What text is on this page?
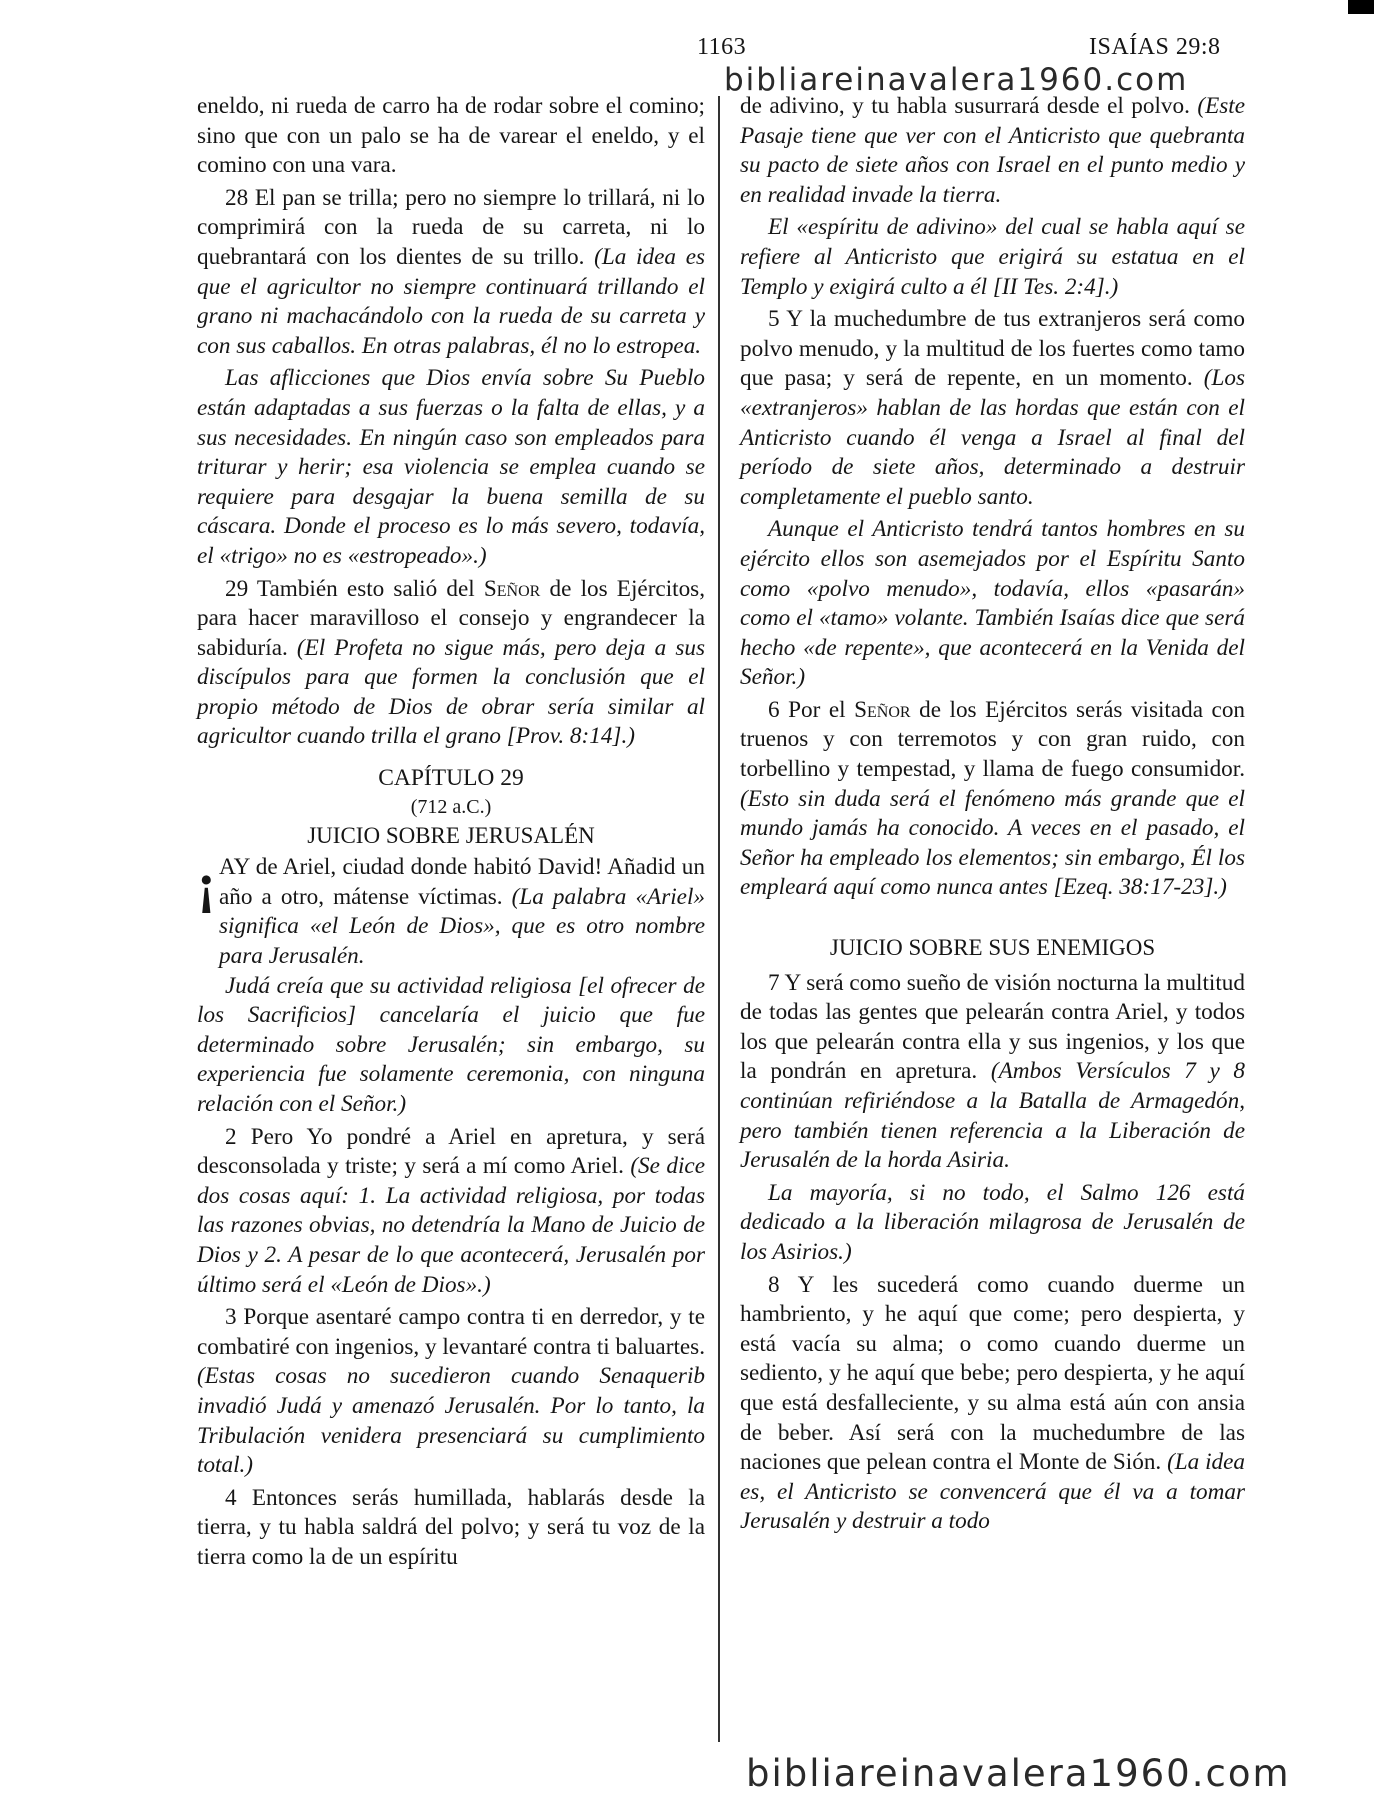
1163	ISAÍAS 29:8
bibliareinavalera1960.com

eneldo, ni rueda de carro ha de rodar sobre el comino; sino que con un palo se ha de varear el eneldo, y el comino con una vara.

28 El pan se trilla; pero no siempre lo trillará, ni lo comprimirá con la rueda de su carreta, ni lo quebrantará con los dientes de su trillo. (La idea es que el agricultor no siempre continuará trillando el grano ni machacándolo con la rueda de su carreta y con sus caballos. En otras palabras, él no lo estropea.

Las aflicciones que Dios envía sobre Su Pueblo están adaptadas a sus fuerzas o la falta de ellas, y a sus necesidades. En ningún caso son empleados para triturar y herir; esa violencia se emplea cuando se requiere para desgajar la buena semilla de su cáscara. Donde el proceso es lo más severo, todavía, el «trigo» no es «estropeado».)

29 También esto salió del Señor de los Ejércitos, para hacer maravilloso el consejo y engrandecer la sabiduría. (El Profeta no sigue más, pero deja a sus discípulos para que formen la conclusión que el propio método de Dios de obrar sería similar al agricultor cuando trilla el grano [Prov. 8:14].)

CAPÍTULO 29

(712 a.C.)

JUICIO SOBRE JERUSALÉN

¡ AY de Ariel, ciudad donde habitó David! Añadid un año a otro, mátense víctimas. (La palabra «Ariel» significa «el León de Dios», que es otro nombre para Jerusalén.

Judá creía que su actividad religiosa [el ofrecer de los Sacrificios] cancelaría el juicio que fue determinado sobre Jerusalén; sin embargo, su experiencia fue solamente ceremonia, con ninguna relación con el Señor.)

2 Pero Yo pondré a Ariel en apretura, y será desconsolada y triste; y será a mí como Ariel. (Se dice dos cosas aquí: 1. La actividad religiosa, por todas las razones obvias, no detendría la Mano de Juicio de Dios y 2. A pesar de lo que acontecerá, Jerusalén por último será el «León de Dios».)

3 Porque asentaré campo contra ti en derredor, y te combatiré con ingenios, y levantaré contra ti baluartes. (Estas cosas no sucedieron cuando Senaquerib invadió Judá y amenazó Jerusalén. Por lo tanto, la Tribulación venidera presenciará su cumplimiento total.)

4 Entonces serás humillada, hablarás desde la tierra, y tu habla saldrá del polvo; y será tu voz de la tierra como la de un espíritu

de adivino, y tu habla susurrará desde el polvo. (Este Pasaje tiene que ver con el Anticristo que quebranta su pacto de siete años con Israel en el punto medio y en realidad invade la tierra.

El «espíritu de adivino» del cual se habla aquí se refiere al Anticristo que erigirá su estatua en el Templo y exigirá culto a él [II Tes. 2:4].)

5 Y la muchedumbre de tus extranjeros será como polvo menudo, y la multitud de los fuertes como tamo que pasa; y será de repente, en un momento. (Los «extranjeros» hablan de las hordas que están con el Anticristo cuando él venga a Israel al final del período de siete años, determinado a destruir completamente el pueblo santo.

Aunque el Anticristo tendrá tantos hombres en su ejército ellos son asemejados por el Espíritu Santo como «polvo menudo», todavía, ellos «pasarán» como el «tamo» volante. También Isaías dice que será hecho «de repente», que acontecerá en la Venida del Señor.)

6 Por el Señor de los Ejércitos serás visitada con truenos y con terremotos y con gran ruido, con torbellino y tempestad, y llama de fuego consumidor. (Esto sin duda será el fenómeno más grande que el mundo jamás ha conocido. A veces en el pasado, el Señor ha empleado los elementos; sin embargo, Él los empleará aquí como nunca antes [Ezeq. 38:17-23].)

JUICIO SOBRE SUS ENEMIGOS

7 Y será como sueño de visión nocturna la multitud de todas las gentes que pelearán contra Ariel, y todos los que pelearán contra ella y sus ingenios, y los que la pondrán en apretura. (Ambos Versículos 7 y 8 continúan refiriéndose a la Batalla de Armagedón, pero también tienen referencia a la Liberación de Jerusalén de la horda Asiria.

La mayoría, si no todo, el Salmo 126 está dedicado a la liberación milagrosa de Jerusalén de los Asirios.)

8 Y les sucederá como cuando duerme un hambriento, y he aquí que come; pero despierta, y está vacía su alma; o como cuando duerme un sediento, y he aquí que bebe; pero despierta, y he aquí que está desfalleciente, y su alma está aún con ansia de beber. Así será con la muchedumbre de las naciones que pelean contra el Monte de Sión. (La idea es, el Anticristo se convencerá que él va a tomar Jerusalén y destruir a todo

bibliareinavalera1960.com
